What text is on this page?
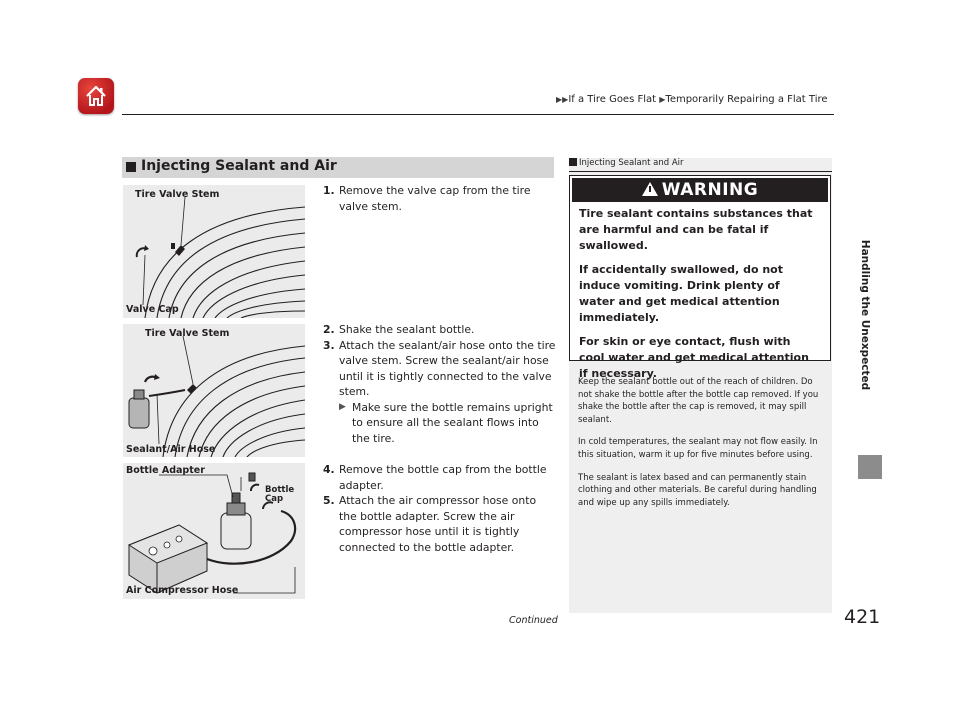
▶▶If a Tire Goes Flat ▶Temporarily Repairing a Flat Tire
Handling the Unexpected
Injecting Sealant and Air
Tire Valve Stem
Valve Cap
Tire Valve Stem
Sealant/Air Hose
Bottle Adapter
Bottle
Cap
Air Compressor Hose
1. Remove the valve cap from the tire valve stem.
2. Shake the sealant bottle.
3. Attach the sealant/air hose onto the tire valve stem. Screw the sealant/air hose until it is tightly connected to the valve stem.
▶ Make sure the bottle remains upright to ensure all the sealant flows into the tire.
4. Remove the bottle cap from the bottle adapter.
5. Attach the air compressor hose onto the bottle adapter. Screw the air compressor hose until it is tightly connected to the bottle adapter.
Injecting Sealant and Air
WARNING

Tire sealant contains substances that are harmful and can be fatal if swallowed.

If accidentally swallowed, do not induce vomiting. Drink plenty of water and get medical attention immediately.

For skin or eye contact, flush with cool water and get medical attention if necessary.

Keep the sealant bottle out of the reach of children. Do not shake the bottle after the bottle cap removed. If you shake the bottle after the cap is removed, it may spill sealant.

In cold temperatures, the sealant may not flow easily. In this situation, warm it up for five minutes before using.

The sealant is latex based and can permanently stain clothing and other materials. Be careful during handling and wipe up any spills immediately.

Continued	421
